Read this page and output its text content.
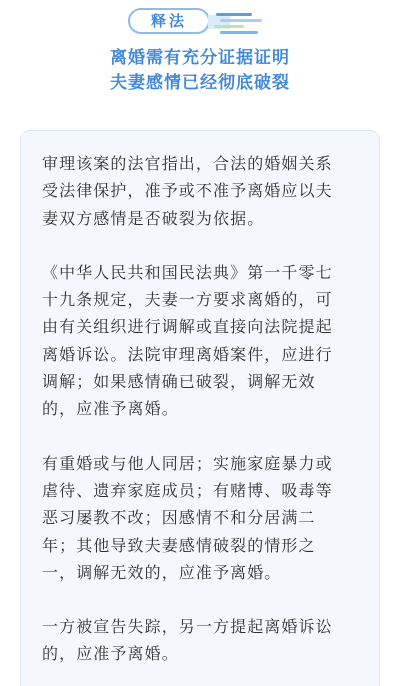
释法
离婚需有充分证据证明
夫妻感情已经彻底破裂

审理该案的法官指出，合法的婚姻关系
受法律保护，准予或不准予离婚应以夫
妻双方感情是否破裂为依据。

《中华人民共和国民法典》第一千零七
十九条规定，夫妻一方要求离婚的，可
由有关组织进行调解或直接向法院提起
离婚诉讼。法院审理离婚案件，应进行
调解；如果感情确已破裂，调解无效
的，应准予离婚。

有重婚或与他人同居；实施家庭暴力或
虐待、遗弃家庭成员；有赌博、吸毒等
恶习屡教不改；因感情不和分居满二
年；其他导致夫妻感情破裂的情形之
一，调解无效的，应准予离婚。

一方被宣告失踪，另一方提起离婚诉讼
的，应准予离婚。
